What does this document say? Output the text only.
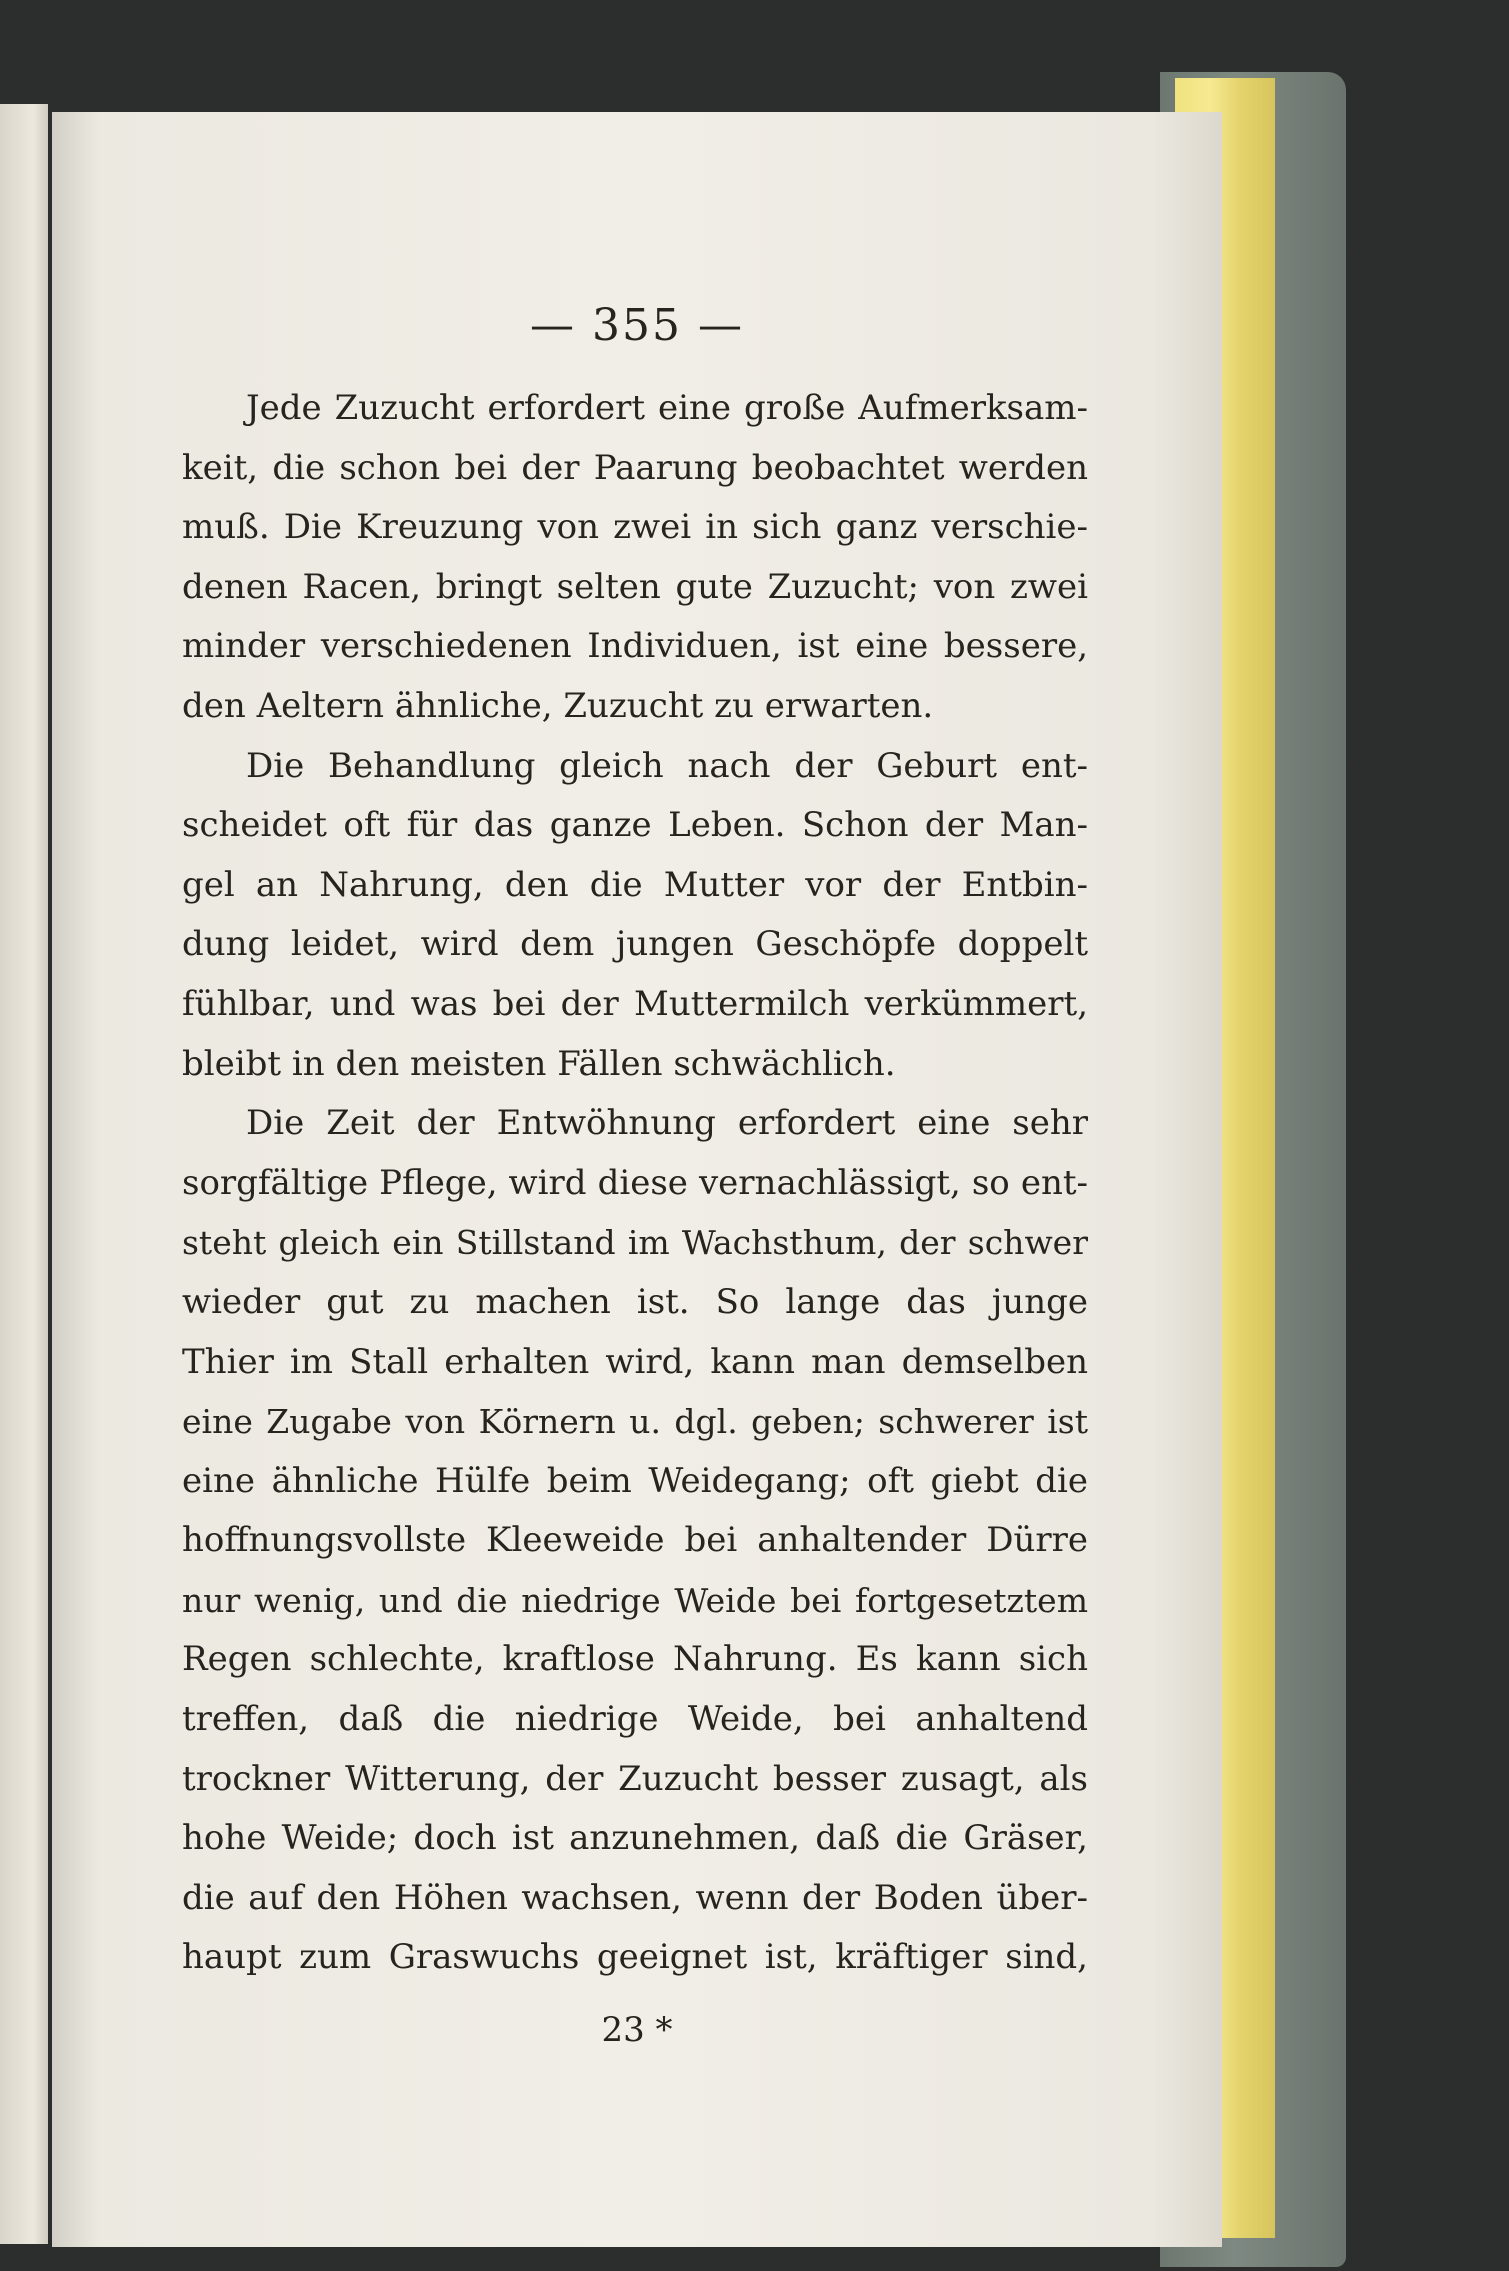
— 355 —
Jede Zuzucht erfordert eine große Aufmerksam-
keit, die schon bei der Paarung beobachtet werden
muß. Die Kreuzung von zwei in sich ganz verschie-
denen Racen, bringt selten gute Zuzucht; von zwei
minder verschiedenen Individuen, ist eine bessere,
den Aeltern ähnliche, Zuzucht zu erwarten.
Die Behandlung gleich nach der Geburt ent-
scheidet oft für das ganze Leben. Schon der Man-
gel an Nahrung, den die Mutter vor der Entbin-
dung leidet, wird dem jungen Geschöpfe doppelt
fühlbar, und was bei der Muttermilch verkümmert,
bleibt in den meisten Fällen schwächlich.
Die Zeit der Entwöhnung erfordert eine sehr
sorgfältige Pflege, wird diese vernachlässigt, so ent-
steht gleich ein Stillstand im Wachsthum, der schwer
wieder gut zu machen ist. So lange das junge
Thier im Stall erhalten wird, kann man demselben
eine Zugabe von Körnern u. dgl. geben; schwerer ist
eine ähnliche Hülfe beim Weidegang; oft giebt die
hoffnungsvollste Kleeweide bei anhaltender Dürre
nur wenig, und die niedrige Weide bei fortgesetztem
Regen schlechte, kraftlose Nahrung. Es kann sich
treffen, daß die niedrige Weide, bei anhaltend
trockner Witterung, der Zuzucht besser zusagt, als
hohe Weide; doch ist anzunehmen, daß die Gräser,
die auf den Höhen wachsen, wenn der Boden über-
haupt zum Graswuchs geeignet ist, kräftiger sind,
23 *
